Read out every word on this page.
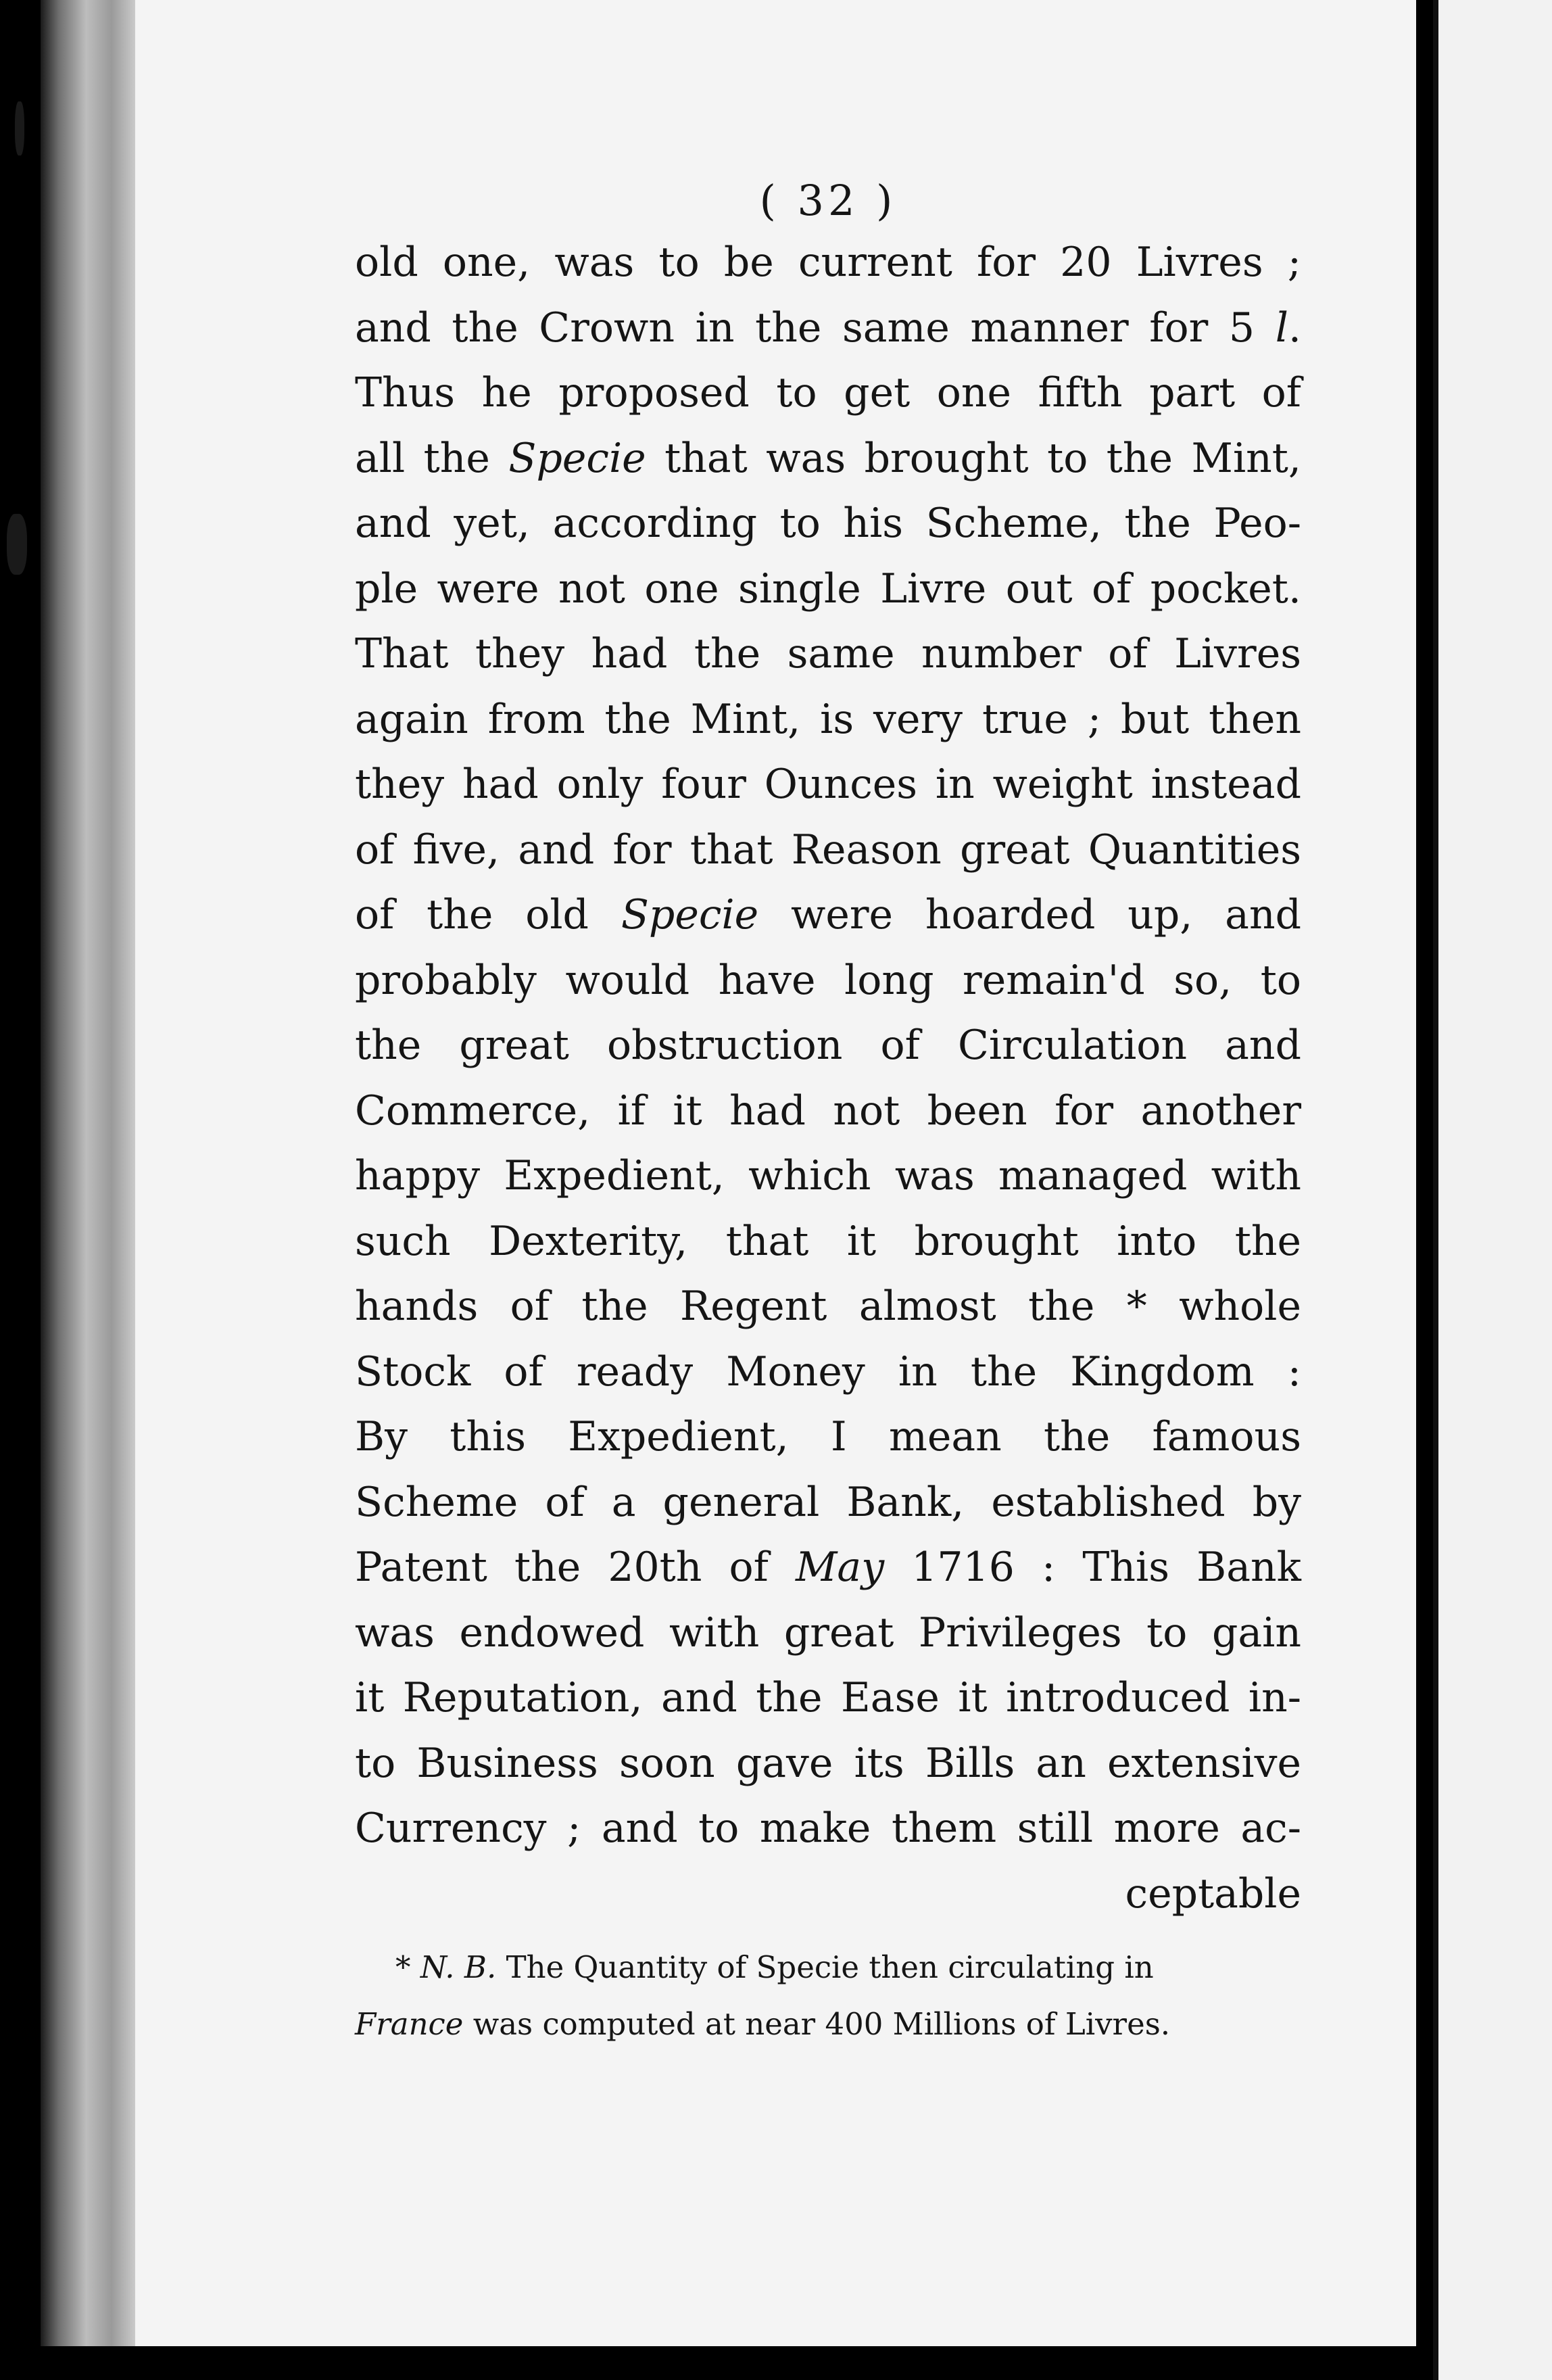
( 32 )
old one, was to be current for 20 Livres ;
and the Crown in the same manner for 5 l.
Thus he proposed to get one fifth part of
all the Specie that was brought to the Mint,
and yet, according to his Scheme, the Peo-
ple were not one single Livre out of pocket.
That they had the same number of Livres
again from the Mint, is very true ; but then
they had only four Ounces in weight instead
of five, and for that Reason great Quantities
of the old Specie were hoarded up, and
probably would have long remain'd so, to
the great obstruction of Circulation and
Commerce, if it had not been for another
happy Expedient, which was managed with
such Dexterity, that it brought into the
hands of the Regent almost the * whole
Stock of ready Money in the Kingdom :
By this Expedient, I mean the famous
Scheme of a general Bank, established by
Patent the 20th of May 1716 : This Bank
was endowed with great Privileges to gain
it Reputation, and the Ease it introduced in-
to Business soon gave its Bills an extensive
Currency ; and to make them still more ac-
ceptable
* N. B. The Quantity of Specie then circulating in
France was computed at near 400 Millions of Livres.
